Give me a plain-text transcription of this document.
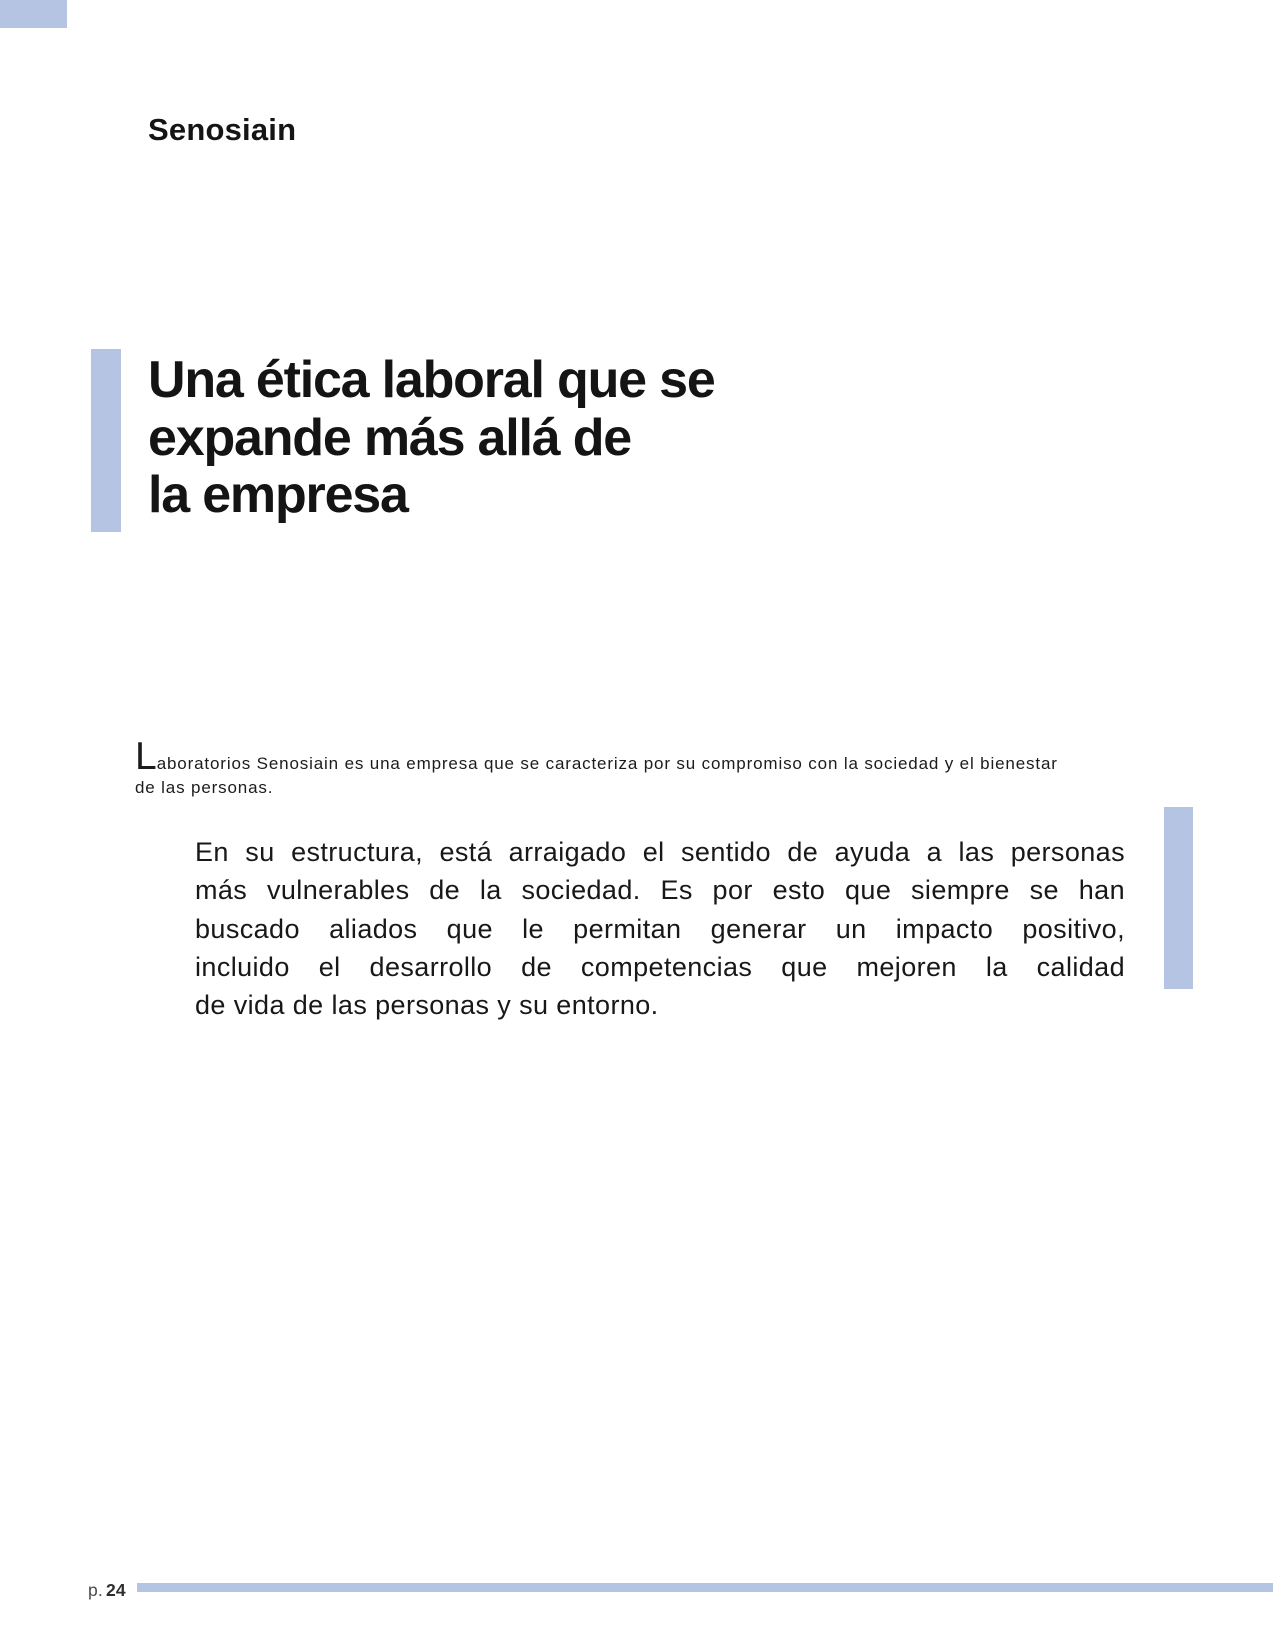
Senosiain
Una ética laboral que se
expande más allá de
la empresa

Laboratorios Senosiain es una empresa que se caracteriza por su compromiso con la sociedad y el bienestar
de las personas.

En su estructura, está arraigado el sentido de ayuda a las personas
más vulnerables de la sociedad. Es por esto que siempre se han
buscado aliados que le permitan generar un impacto positivo,
incluido el desarrollo de competencias que mejoren la calidad
de vida de las personas y su entorno.
p. 24
